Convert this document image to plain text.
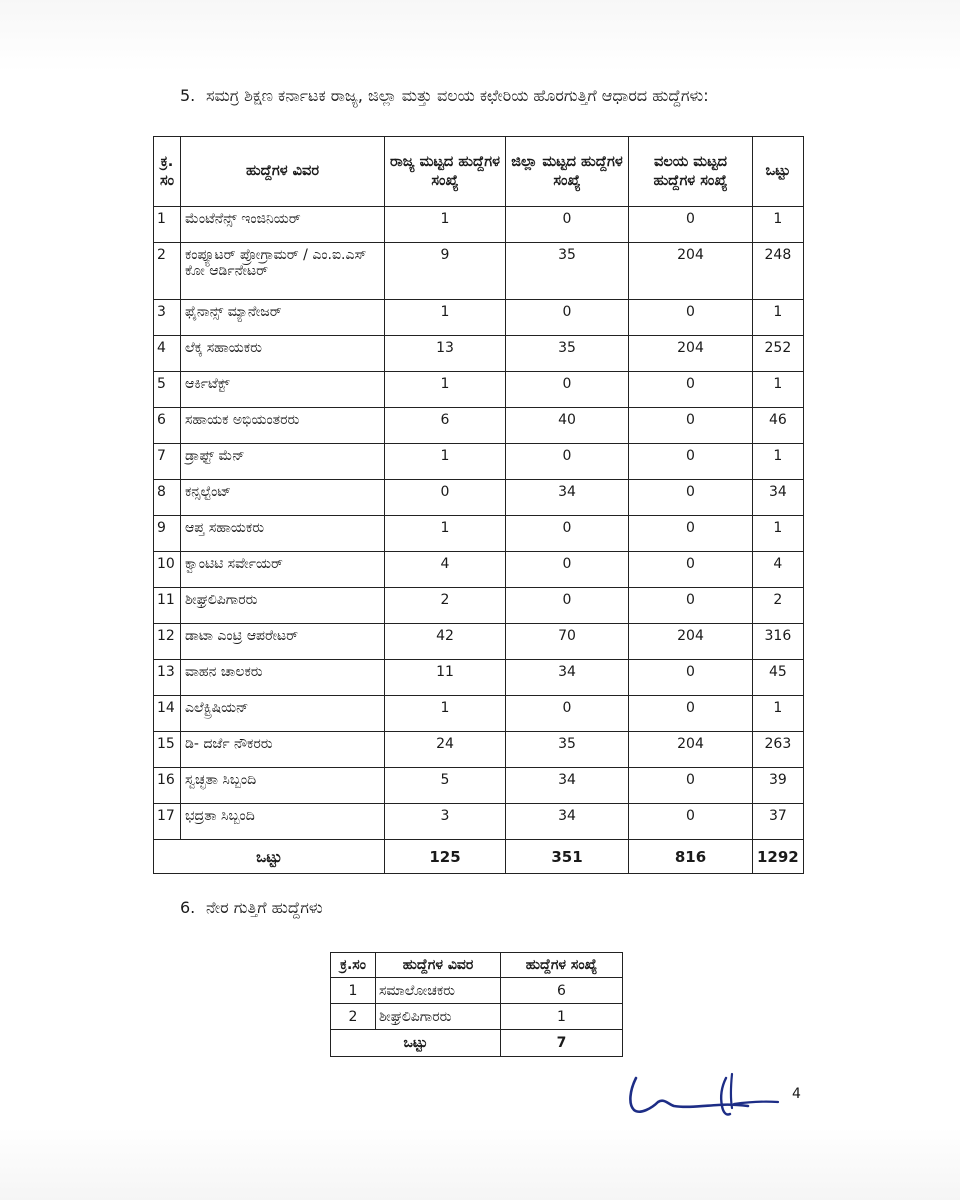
5. ಸಮಗ್ರ ಶಿಕ್ಷಣ ಕರ್ನಾಟಕ ರಾಜ್ಯ, ಜಿಲ್ಲಾ ಮತ್ತು ವಲಯ ಕಛೇರಿಯ ಹೊರಗುತ್ತಿಗೆ ಆಧಾರದ ಹುದ್ದೆಗಳು:
ಕ್ರ. ಸಂ	ಹುದ್ದೆಗಳ ವಿವರ	ರಾಜ್ಯ ಮಟ್ಟದ ಹುದ್ದೆಗಳ ಸಂಖ್ಯೆ	ಜಿಲ್ಲಾ ಮಟ್ಟದ ಹುದ್ದೆಗಳ ಸಂಖ್ಯೆ	ವಲಯ ಮಟ್ಟದ ಹುದ್ದೆಗಳ ಸಂಖ್ಯೆ	ಒಟ್ಟು
1	ಮೆಂಟೆನೆನ್ಸ್ ಇಂಜಿನಿಯರ್	1	0	0	1
2	ಕಂಪ್ಯೂಟರ್ ಪ್ರೋಗ್ರಾಮರ್ / ಎಂ.ಐ.ಎಸ್ ಕೋ ಆರ್ಡಿನೇಟರ್	9	35	204	248
3	ಫೈನಾನ್ಸ್ ಮ್ಯಾನೇಜರ್	1	0	0	1
4	ಲೆಕ್ಕ ಸಹಾಯಕರು	13	35	204	252
5	ಆರ್ಕಿಟೆಕ್ಟ್	1	0	0	1
6	ಸಹಾಯಕ ಅಭಿಯಂತರರು	6	40	0	46
7	ಡ್ರಾಫ್ಟ್ ಮೆನ್	1	0	0	1
8	ಕನ್ಸಲ್ಟೆಂಟ್	0	34	0	34
9	ಆಪ್ತ ಸಹಾಯಕರು	1	0	0	1
10	ಕ್ವಾಂಟಿಟಿ ಸರ್ವೇಯರ್	4	0	0	4
11	ಶೀಘ್ರಲಿಪಿಗಾರರು	2	0	0	2
12	ಡಾಟಾ ಎಂಟ್ರಿ ಆಪರೇಟರ್	42	70	204	316
13	ವಾಹನ ಚಾಲಕರು	11	34	0	45
14	ಎಲೆಕ್ಟ್ರಿಷಿಯನ್	1	0	0	1
15	ಡಿ- ದರ್ಜೆ ನೌಕರರು	24	35	204	263
16	ಸ್ವಚ್ಛತಾ ಸಿಬ್ಬಂದಿ	5	34	0	39
17	ಭದ್ರತಾ ಸಿಬ್ಬಂದಿ	3	34	0	37
ಒಟ್ಟು		125	351	816	1292
6. ನೇರ ಗುತ್ತಿಗೆ ಹುದ್ದೆಗಳು
ಕ್ರ.ಸಂ	ಹುದ್ದೆಗಳ ವಿವರ	ಹುದ್ದೆಗಳ ಸಂಖ್ಯೆ
1	ಸಮಾಲೋಚಕರು	6
2	ಶೀಘ್ರಲಿಪಿಗಾರರು	1
ಒಟ್ಟು		7
4
